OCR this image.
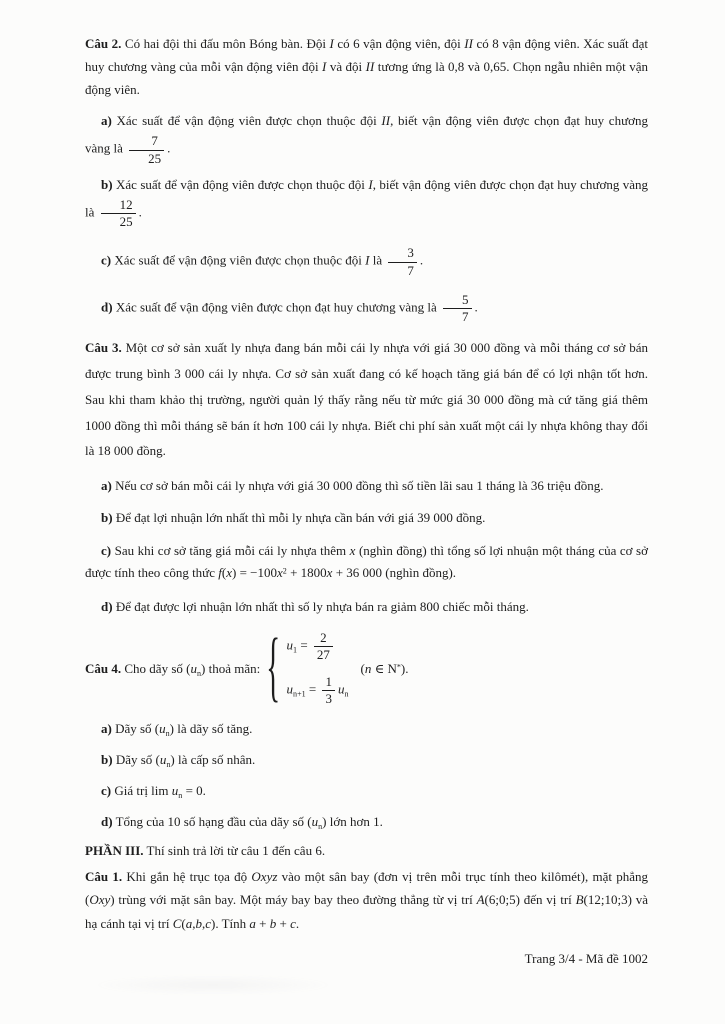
Câu 2. Có hai đội thi đấu môn Bóng bàn. Đội I có 6 vận động viên, đội II có 8 vận động viên. Xác suất đạt huy chương vàng của mỗi vận động viên đội I và đội II tương ứng là 0,8 và 0,65. Chọn ngẫu nhiên một vận động viên.

a) Xác suất để vận động viên được chọn thuộc đội II, biết vận động viên được chọn đạt huy chương vàng là $\frac{7}{25}$ .

b) Xác suất để vận động viên được chọn thuộc đội I, biết vận động viên được chọn đạt huy chương vàng là $\frac{12}{25}$ .

c) Xác suất để vận động viên được chọn thuộc đội I là $\frac{3}{7}$ .

d) Xác suất để vận động viên được chọn đạt huy chương vàng là $\frac{5}{7}$ .

Câu 3. Một cơ sở sản xuất ly nhựa đang bán mỗi cái ly nhựa với giá 30 000 đồng và mỗi tháng cơ sở bán được trung bình 3 000 cái ly nhựa. Cơ sở sản xuất đang có kế hoạch tăng giá bán để có lợi nhận tốt hơn. Sau khi tham khảo thị trường, người quản lý thấy rằng nếu từ mức giá 30 000 đồng mà cứ tăng giá thêm 1000 đồng thì mỗi tháng sẽ bán ít hơn 100 cái ly nhựa. Biết chi phí sản xuất một cái ly nhựa không thay đổi là 18 000 đồng.

a) Nếu cơ sở bán mỗi cái ly nhựa với giá 30 000 đồng thì số tiền lãi sau 1 tháng là 36 triệu đồng.

b) Để đạt lợi nhuận lớn nhất thì mỗi ly nhựa cần bán với giá 39 000 đồng.

c) Sau khi cơ sở tăng giá mỗi cái ly nhựa thêm x (nghìn đồng) thì tổng số lợi nhuận một tháng của cơ sở được tính theo công thức $f(x) = -100x^2 + 1800x + 36$ 000 (nghìn đồng).

d) Để đạt được lợi nhuận lớn nhất thì số ly nhựa bán ra giảm 800 chiếc mỗi tháng.

Câu 4. Cho dãy số $(u_n)$ thoả mãn: { $u_1 = \frac{2}{27}$
$u_{n+1} = \frac{1}{3} u_n$
(n ∈ N*).

a) Dãy số $(u_n)$ là dãy số tăng.

b) Dãy số $(u_n)$ là cấp số nhân.

c) Giá trị $\lim u_n = 0$.

d) Tổng của 10 số hạng đầu của dãy số $(u_n)$ lớn hơn 1.

PHẦN III. Thí sinh trả lời từ câu 1 đến câu 6.

Câu 1. Khi gắn hệ trục tọa độ Oxyz vào một sân bay (đơn vị trên mỗi trục tính theo kilômét), mặt phẳng (Oxy) trùng với mặt sân bay. Một máy bay bay theo đường thẳng từ vị trí A(6;0;5) đến vị trí B(12;10;3) và hạ cánh tại vị trí C(a,b,c). Tính a + b + c.

Trang 3/4 - Mã đề 1002
